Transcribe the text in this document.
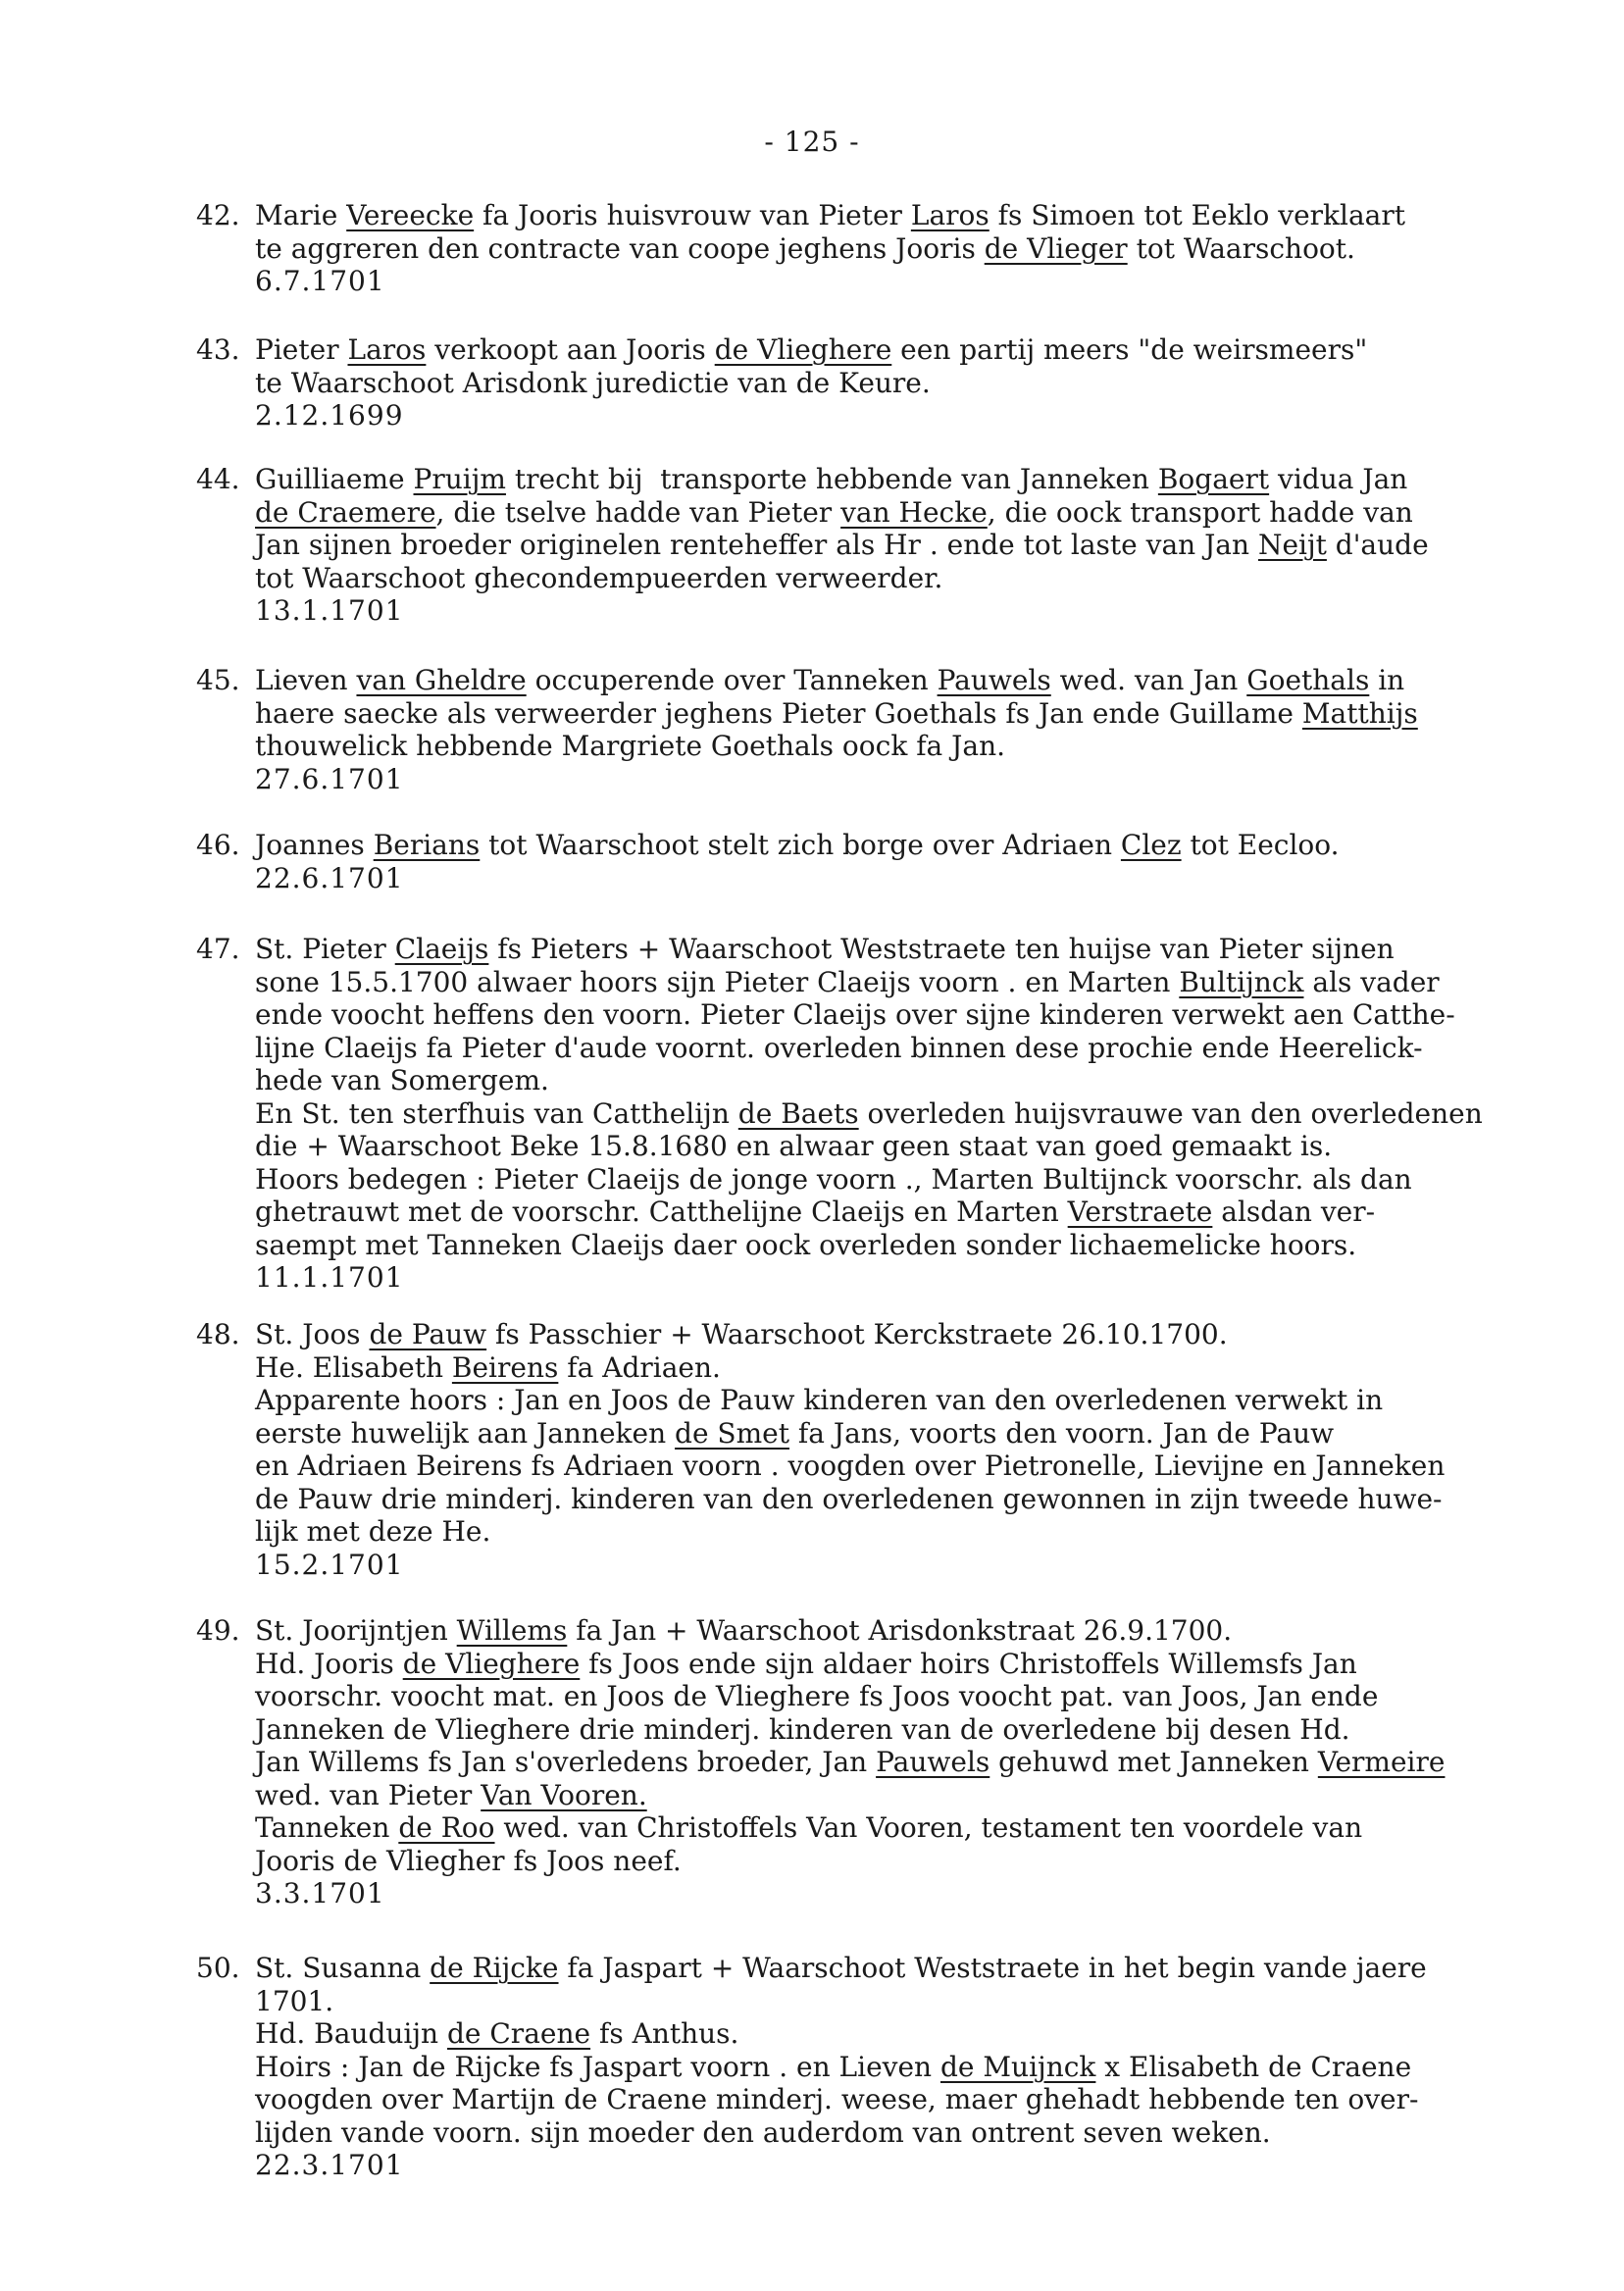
- 125 -
42. Marie Vereecke fa Jooris huisvrouw van Pieter Laros fs Simoen tot Eeklo verklaart
te aggreren den contracte van coope jeghens Jooris de Vlieger tot Waarschoot.
6.7.1701
43. Pieter Laros verkoopt aan Jooris de Vlieghere een partij meers "de weirsmeers"
te Waarschoot Arisdonk juredictie van de Keure.
2.12.1699
44. Guilliaeme Pruijm trecht bij  transporte hebbende van Janneken Bogaert vidua Jan
de Craemere, die tselve hadde van Pieter van Hecke, die oock transport hadde van
Jan sijnen broeder originelen renteheffer als Hr . ende tot laste van Jan Neijt d'aude
tot Waarschoot ghecondempueerden verweerder.
13.1.1701
45. Lieven van Gheldre occuperende over Tanneken Pauwels wed. van Jan Goethals in
haere saecke als verweerder jeghens Pieter Goethals fs Jan ende Guillame Matthijs
thouwelick hebbende Margriete Goethals oock fa Jan.
27.6.1701
46. Joannes Berians tot Waarschoot stelt zich borge over Adriaen Clez tot Eecloo.
22.6.1701
47. St. Pieter Claeijs fs Pieters + Waarschoot Weststraete ten huijse van Pieter sijnen
sone 15.5.1700 alwaer hoors sijn Pieter Claeijs voorn . en Marten Bultijnck als vader
ende voocht heffens den voorn. Pieter Claeijs over sijne kinderen verwekt aen Catthe-
lijne Claeijs fa Pieter d'aude voornt. overleden binnen dese prochie ende Heerelick-
hede van Somergem.
En St. ten sterfhuis van Catthelijn de Baets overleden huijsvrauwe van den overledenen
die + Waarschoot Beke 15.8.1680 en alwaar geen staat van goed gemaakt is.
Hoors bedegen : Pieter Claeijs de jonge voorn ., Marten Bultijnck voorschr. als dan
ghetrauwt met de voorschr. Catthelijne Claeijs en Marten Verstraete alsdan ver-
saempt met Tanneken Claeijs daer oock overleden sonder lichaemelicke hoors.
11.1.1701
48. St. Joos de Pauw fs Passchier + Waarschoot Kerckstraete 26.10.1700.
He. Elisabeth Beirens fa Adriaen.
Apparente hoors : Jan en Joos de Pauw kinderen van den overledenen verwekt in
eerste huwelijk aan Janneken de Smet fa Jans, voorts den voorn. Jan de Pauw
en Adriaen Beirens fs Adriaen voorn . voogden over Pietronelle, Lievijne en Janneken
de Pauw drie minderj. kinderen van den overledenen gewonnen in zijn tweede huwe-
lijk met deze He.
15.2.1701
49. St. Joorijntjen Willems fa Jan + Waarschoot Arisdonkstraat 26.9.1700.
Hd. Jooris de Vlieghere fs Joos ende sijn aldaer hoirs Christoffels Willemsfs Jan
voorschr. voocht mat. en Joos de Vlieghere fs Joos voocht pat. van Joos, Jan ende
Janneken de Vlieghere drie minderj. kinderen van de overledene bij desen Hd.
Jan Willems fs Jan s'overledens broeder, Jan Pauwels gehuwd met Janneken Vermeire
wed. van Pieter Van Vooren.
Tanneken de Roo wed. van Christoffels Van Vooren, testament ten voordele van
Jooris de Vliegher fs Joos neef.
3.3.1701
50. St. Susanna de Rijcke fa Jaspart + Waarschoot Weststraete in het begin vande jaere
1701.
Hd. Bauduijn de Craene fs Anthus.
Hoirs : Jan de Rijcke fs Jaspart voorn . en Lieven de Muijnck x Elisabeth de Craene
voogden over Martijn de Craene minderj. weese, maer ghehadt hebbende ten over-
lijden vande voorn. sijn moeder den auderdom van ontrent seven weken.
22.3.1701
